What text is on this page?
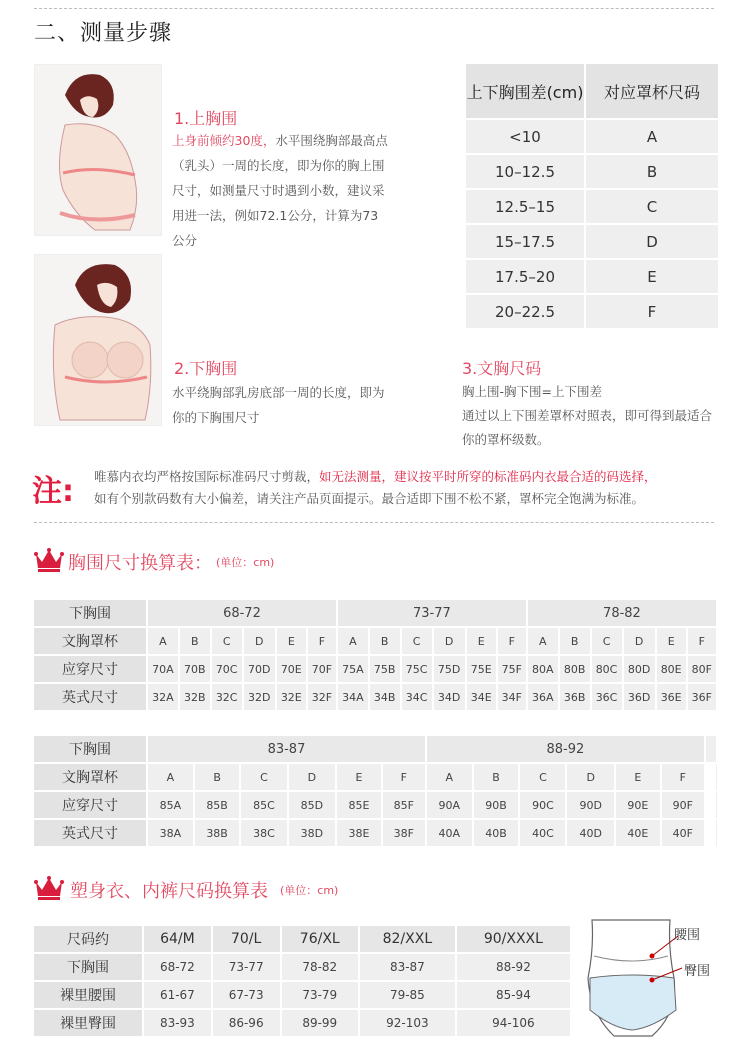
二、测量步骤
1.上胸围
上身前倾约30度，水平围绕胸部最高点（乳头）一周的长度，即为你的胸上围尺寸，如测量尺寸时遇到小数，建议采用进一法，例如72.1公分，计算为73公分
2.下胸围
水平绕胸部乳房底部一周的长度，即为你的下胸围尺寸
上下胸围差(cm)	对应罩杯尺码
<10	A
10–12.5	B
12.5–15	C
15–17.5	D
17.5–20	E
20–22.5	F
3.文胸尺码
胸上围-胸下围=上下围差
通过以上下围差罩杯对照表，即可得到最适合你的罩杯级数。
注: 唯慕内衣均严格按国际标准码尺寸剪裁，如无法测量，建议按平时所穿的标准码内衣最合适的码选择，
如有个别款码数有大小偏差，请关注产品页面提示。最合适即下围不松不紧，罩杯完全饱满为标准。
胸围尺寸换算表： (单位：cm)
下胸围	68-72						73-77						78-82					
文胸罩杯	A	B	C	D	E	F	A	B	C	D	E	F	A	B	C	D	E	F
应穿尺寸	70A	70B	70C	70D	70E	70F	75A	75B	75C	75D	75E	75F	80A	80B	80C	80D	80E	80F
英式尺寸	32A	32B	32C	32D	32E	32F	34A	34B	34C	34D	34E	34F	36A	36B	36C	36D	36E	36F
下胸围	83-87						88-92											
文胸罩杯	A	B	C	D	E	F	A	B	C	D	E	F						
应穿尺寸	85A	85B	85C	85D	85E	85F	90A	90B	90C	90D	90E	90F						
英式尺寸	38A	38B	38C	38D	38E	38F	40A	40B	40C	40D	40E	40F						
塑身衣、内裤尺码换算表 (单位：cm)
尺码约	64/M	70/L	76/XL	82/XXL	90/XXXL
下胸围	68-72	73-77	78-82	83-87	88-92
裸里腰围	61-67	67-73	73-79	79-85	85-94
裸里臀围	83-93	86-96	89-99	92-103	94-106
腰围
臀围
